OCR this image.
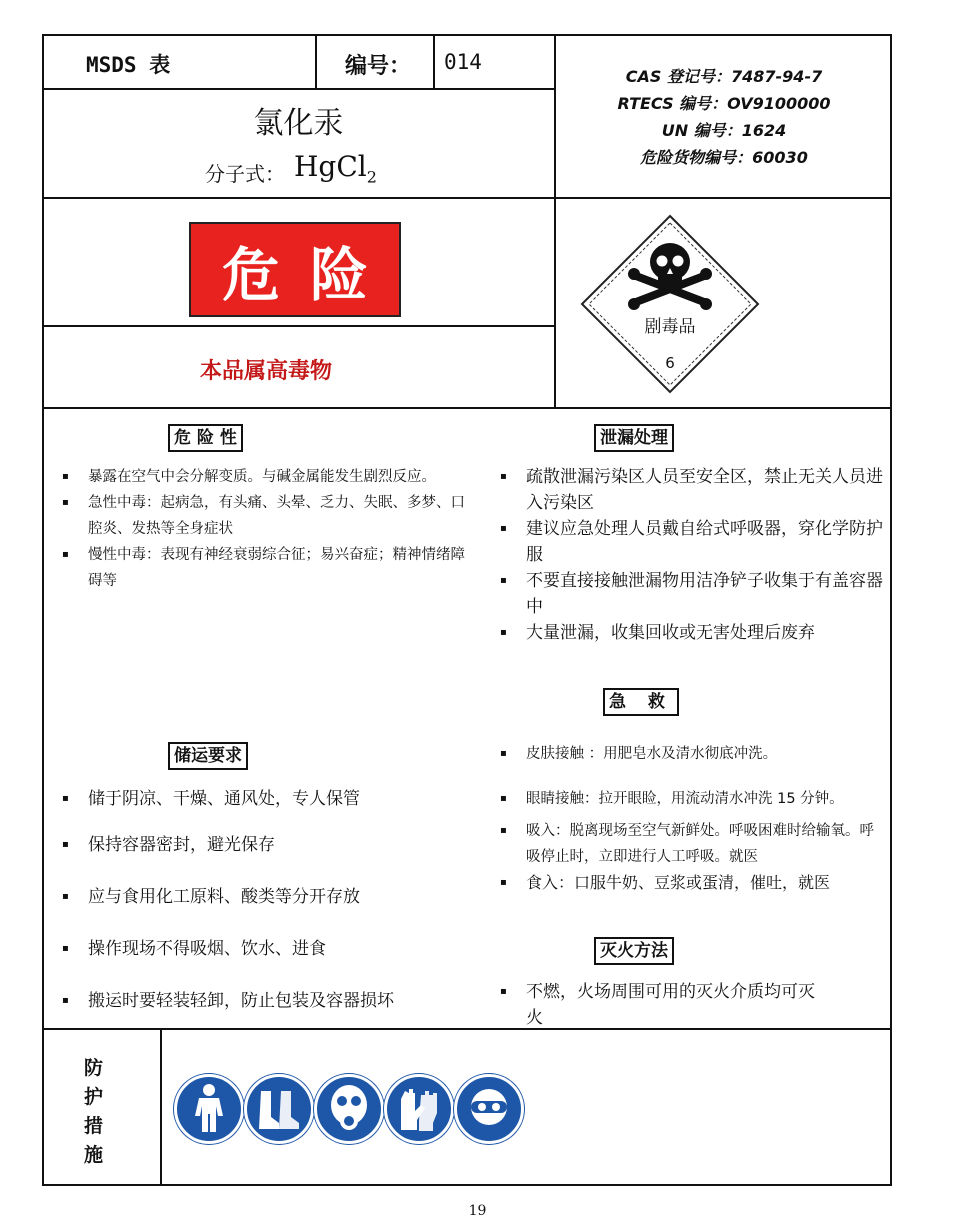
MSDS 表	编号： 014
氯化汞
分子式： HgCl$_2$
CAS 登记号：7487-94-7
RTECS 编号：OV9100000
UN 编号：1624
危险货物编号：60030
危险
本品属高毒物
剧毒品
6
危 险 性
▪ 暴露在空气中会分解变质。与碱金属能发生剧烈反应。
▪ 急性中毒：起病急，有头痛、头晕、乏力、失眠、多梦、口腔炎、发热等全身症状
▪ 慢性中毒：表现有神经衰弱综合征；易兴奋症；精神情绪障碍等
泄漏处理
▪ 疏散泄漏污染区人员至安全区，禁止无关人员进入污染区
▪ 建议应急处理人员戴自给式呼吸器，穿化学防护服
▪ 不要直接接触泄漏物用洁净铲子收集于有盖容器中
▪ 大量泄漏，收集回收或无害处理后废弃
急 救
▪ 皮肤接触 ：用肥皂水及清水彻底冲洗。
▪ 眼睛接触：拉开眼睑，用流动清水冲洗 15 分钟。
▪ 吸入：脱离现场至空气新鲜处。呼吸困难时给输氧。呼吸停止时，立即进行人工呼吸。就医
▪ 食入：口服牛奶、豆浆或蛋清，催吐，就医
储运要求
▪ 储于阴凉、干燥、通风处，专人保管
▪ 保持容器密封，避光保存
▪ 应与食用化工原料、酸类等分开存放
▪ 操作现场不得吸烟、饮水、进食
▪ 搬运时要轻装轻卸，防止包装及容器损坏
灭火方法
▪ 不燃，火场周围可用的灭火介质均可灭火
防护措施
19
